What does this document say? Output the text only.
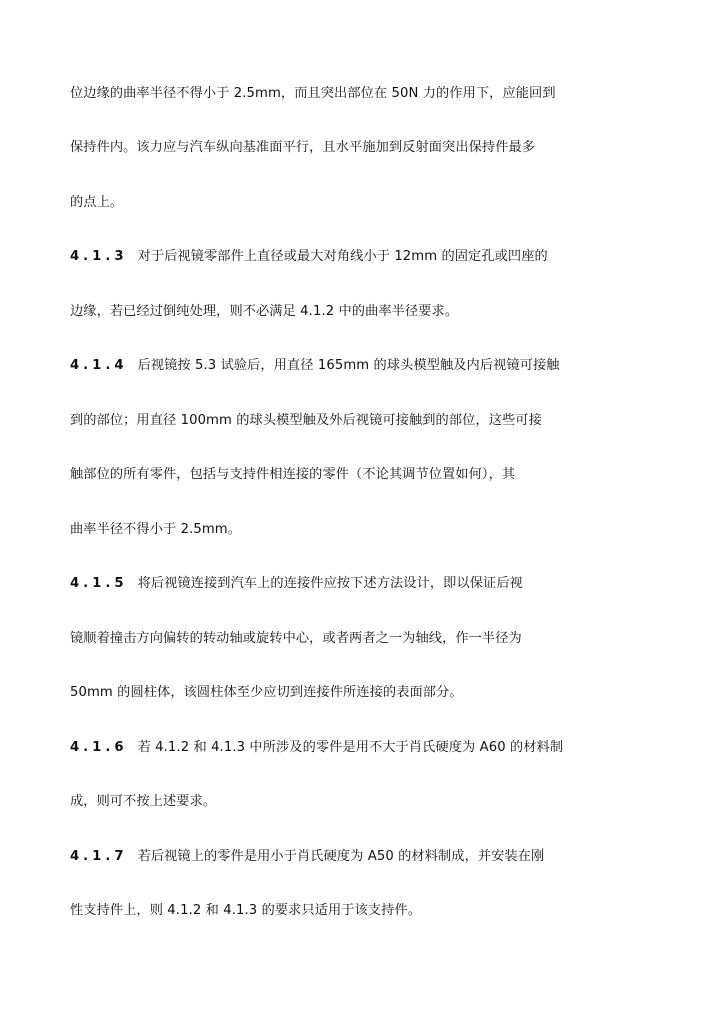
位边缘的曲率半径不得小于 2.5mm，而且突出部位在 50N 力的作用下，应能回到
保持件内。该力应与汽车纵向基准面平行，且水平施加到反射面突出保持件最多
的点上。
4.1.3 对于后视镜零部件上直径或最大对角线小于 12mm 的固定孔或凹座的
边缘，若已经过倒纯处理，则不必满足 4.1.2 中的曲率半径要求。
4.1.4 后视镜按 5.3 试验后，用直径 165mm 的球头模型触及内后视镜可接触
到的部位；用直径 100mm 的球头模型触及外后视镜可接触到的部位，这些可接
触部位的所有零件，包括与支持件相连接的零件（不论其调节位置如何），其
曲率半径不得小于 2.5mm。
4.1.5 将后视镜连接到汽车上的连接件应按下述方法设计，即以保证后视
镜顺着撞击方向偏转的转动轴或旋转中心，或者两者之一为轴线，作一半径为
50mm 的圆柱体，该圆柱体至少应切到连接件所连接的表面部分。
4.1.6 若 4.1.2 和 4.1.3 中所涉及的零件是用不大于肖氏硬度为 A60 的材料制
成，则可不按上述要求。
4.1.7 若后视镜上的零件是用小于肖氏硬度为 A50 的材料制成，并安装在刚
性支持件上，则 4.1.2 和 4.1.3 的要求只适用于该支持件。
